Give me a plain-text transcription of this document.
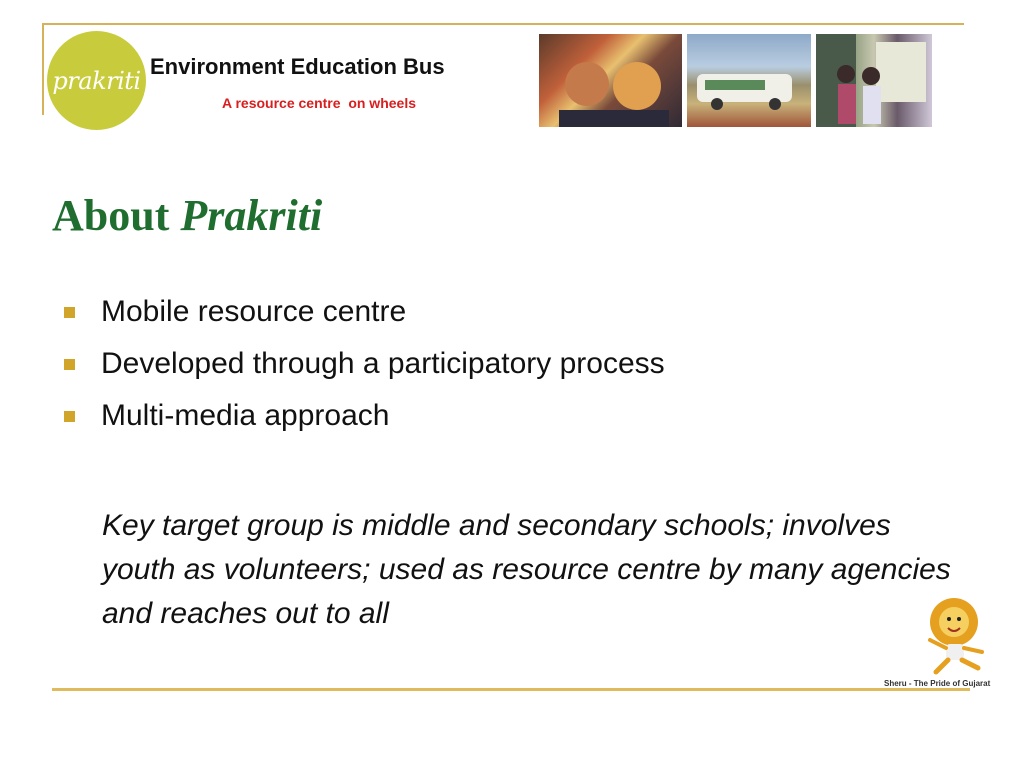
prakriti Environment Education Bus
A resource centre  on wheels
About Prakriti
Mobile resource centre
Developed through a participatory process
Multi-media approach

Key target group is middle and secondary schools; involves youth as volunteers; used as resource centre by many agencies and reaches out to all

Sheru - The Pride of Gujarat
